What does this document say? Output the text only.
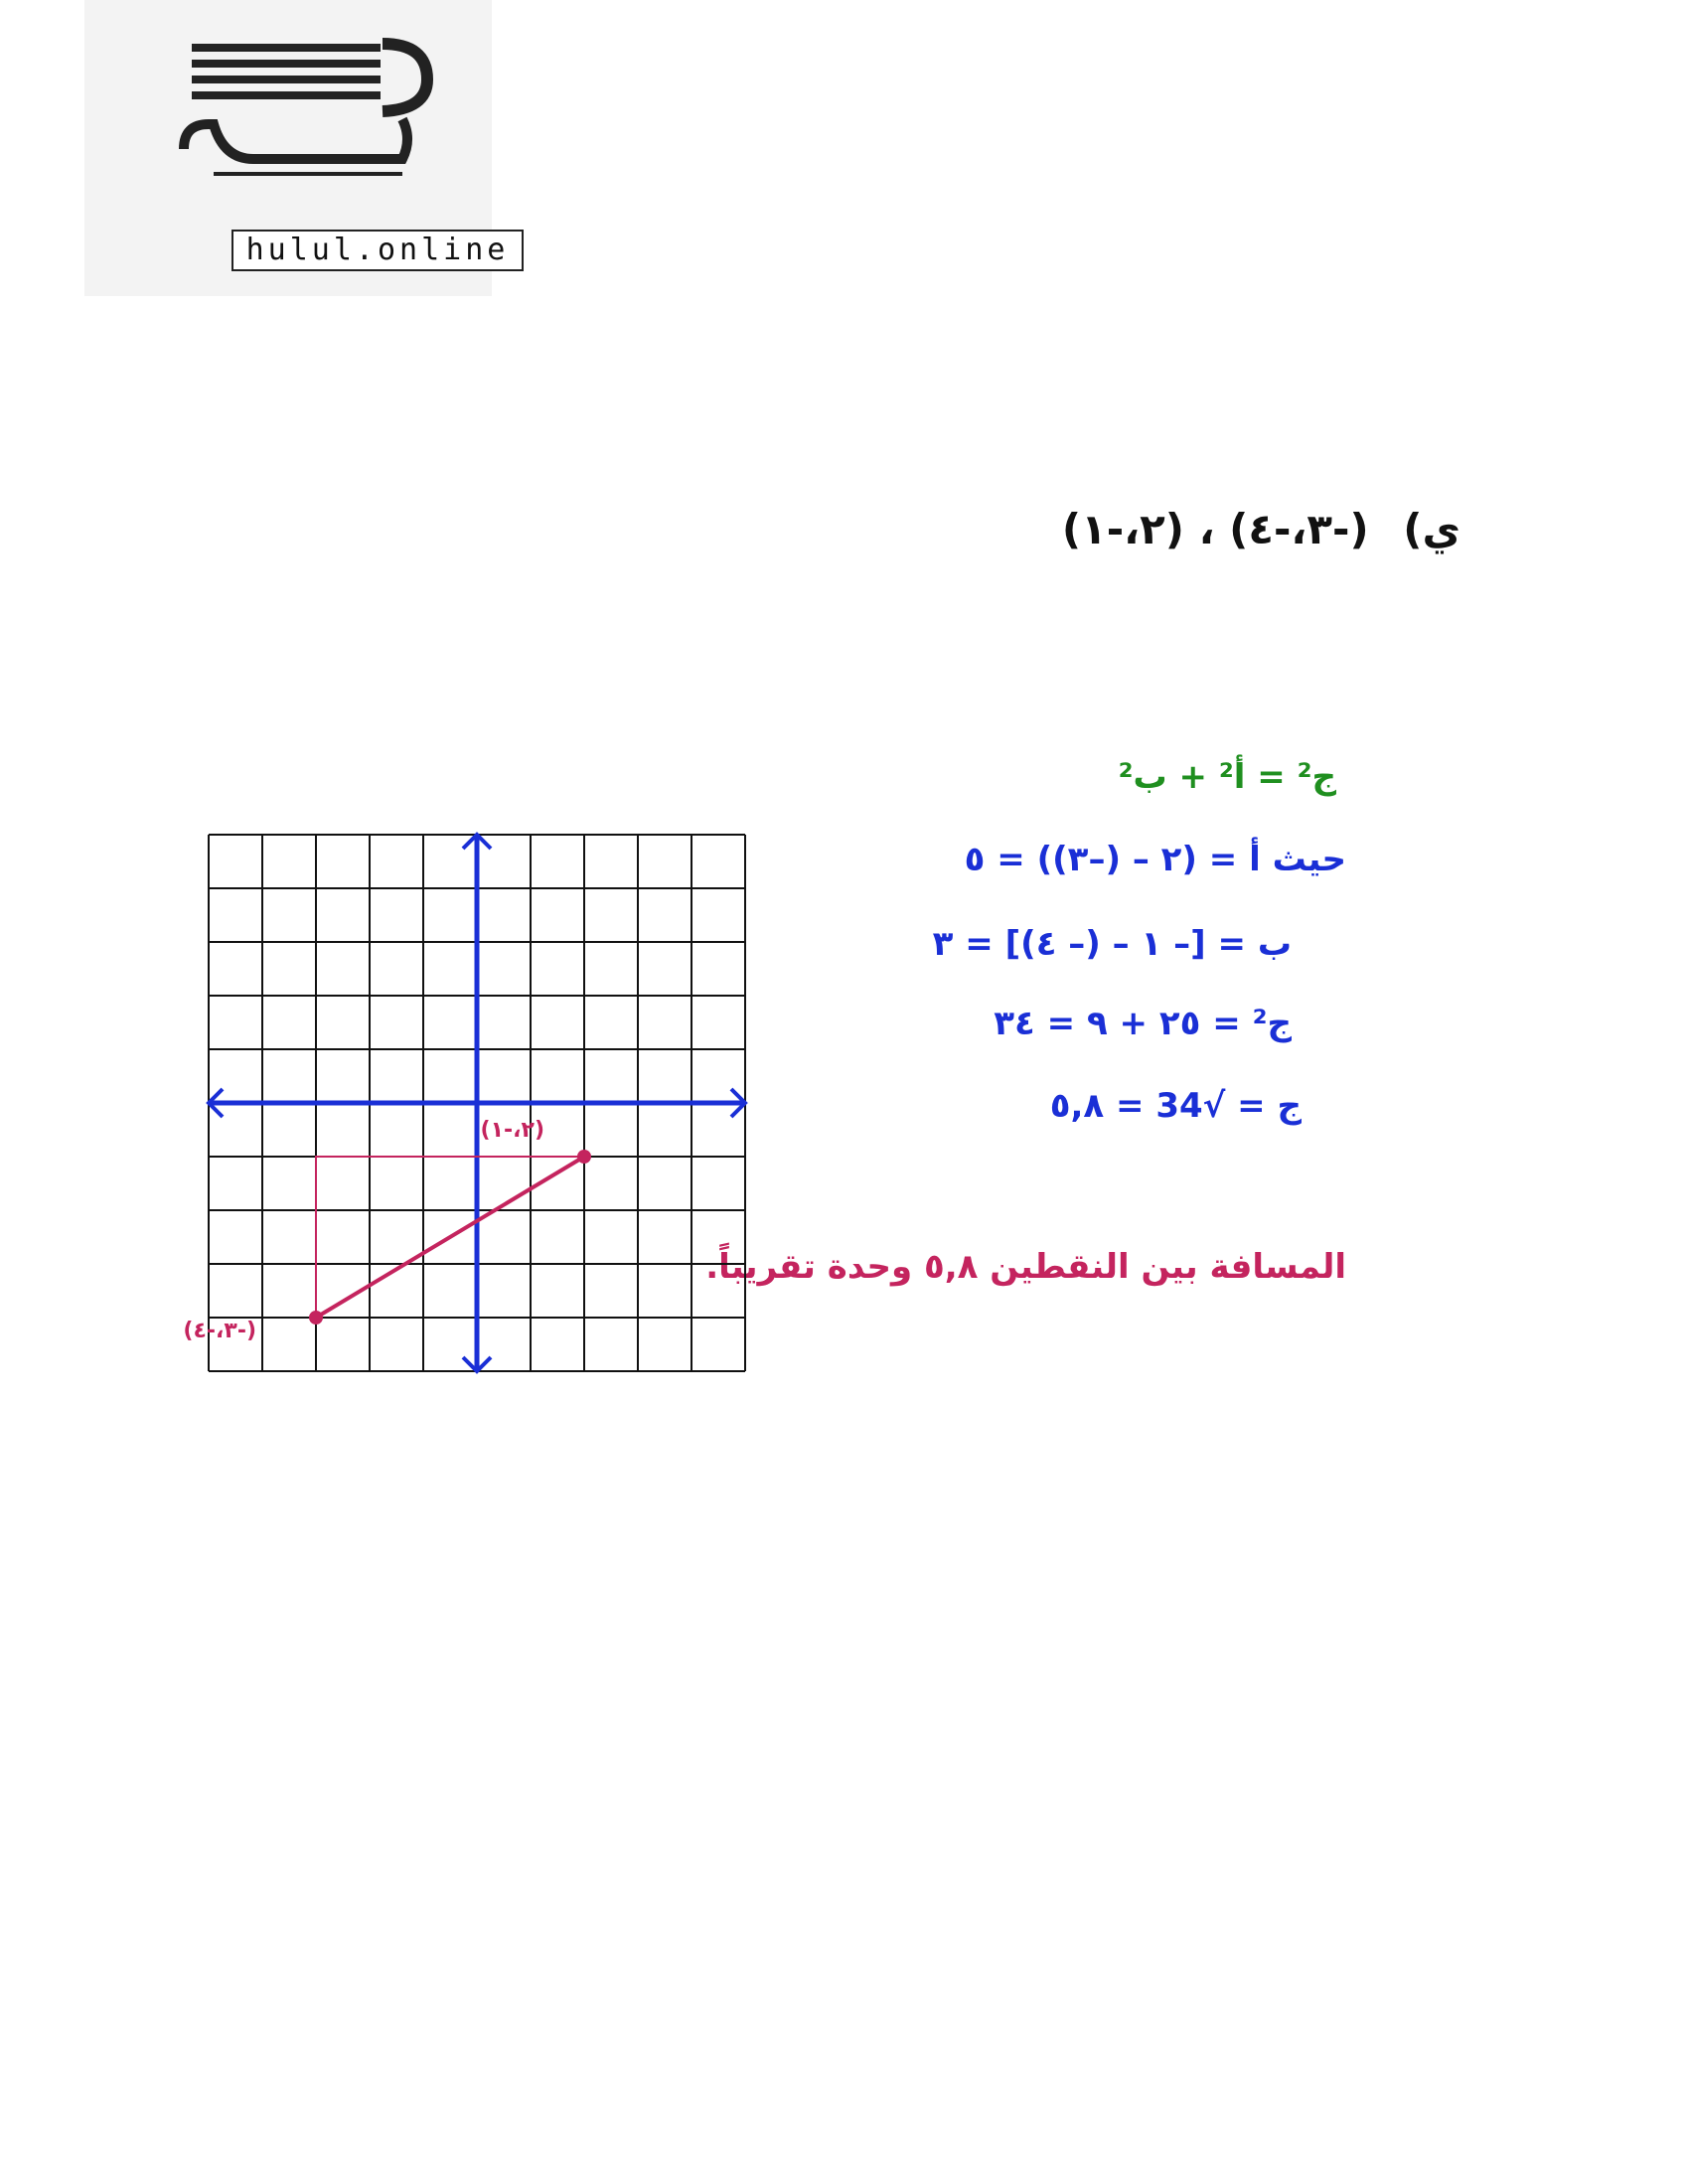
hulul.online
ي) (-٣،-٤) ، (٢،-١)
ج² = أ² + ب²
حيث أ = (٢ – (–٣)) = ٥
ب = [– ١ – (– ٤)] = ٣
ج² = ٢٥ + ٩ = ٣٤
ج = √34 = ٥,٨
المسافة بين النقطين ٥,٨ وحدة تقريباً.
(٢،-١)
(-٣،-٤)
